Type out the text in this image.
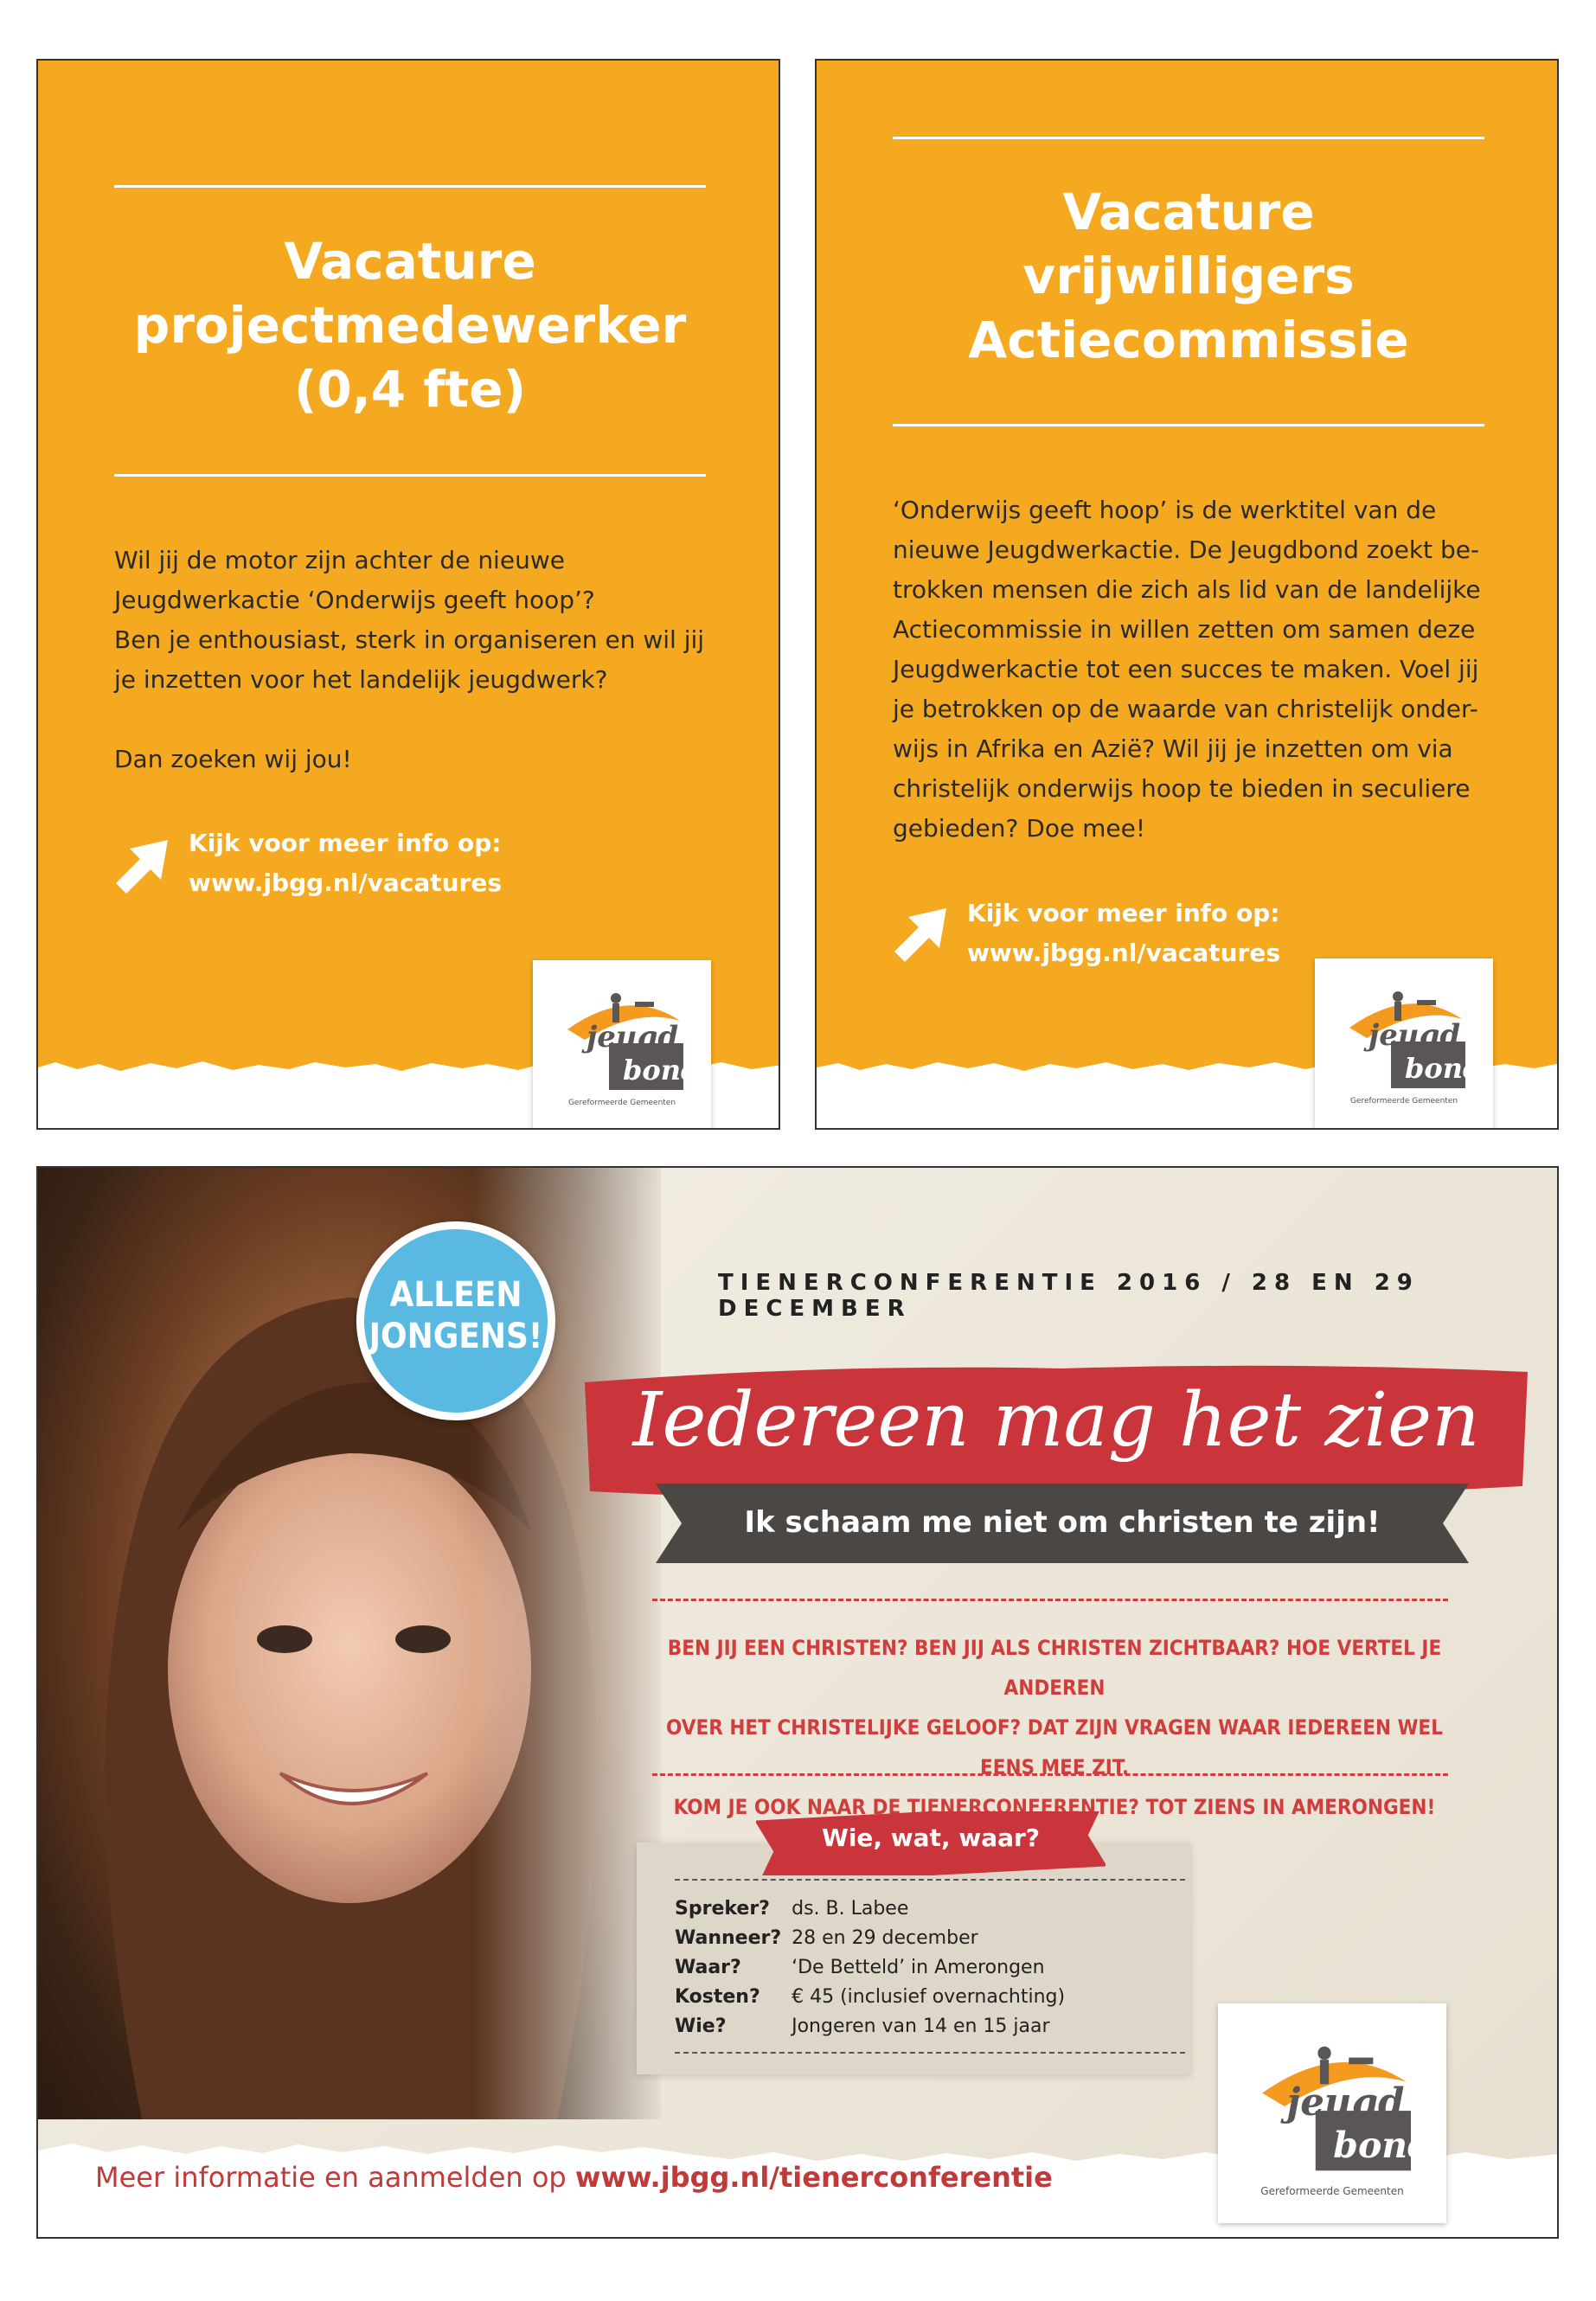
Vacature
projectmedewerker
(0,4 fte)
Wil jij de motor zijn achter de nieuwe
Jeugdwerkactie ‘Onderwijs geeft hoop’?
Ben je enthousiast, sterk in organiseren en wil jij
je inzetten voor het landelijk jeugdwerk?

Dan zoeken wij jou!
Kijk voor meer info op:
www.jbgg.nl/vacatures
jeugd
bond
Gereformeerde Gemeenten
Vacature
vrijwilligers
Actiecommissie
‘Onderwijs geeft hoop’ is de werktitel van de
nieuwe Jeugdwerkactie. De Jeugdbond zoekt be-
trokken mensen die zich als lid van de landelijke
Actiecommissie in willen zetten om samen deze
Jeugdwerkactie tot een succes te maken. Voel jij
je betrokken op de waarde van christelijk onder-
wijs in Afrika en Azië? Wil jij je inzetten om via
christelijk onderwijs hoop te bieden in seculiere
gebieden? Doe mee!
Kijk voor meer info op:
www.jbgg.nl/vacatures
jeugd
bond
Gereformeerde Gemeenten
ALLEEN
JONGENS!
TIENERCONFERENTIE 2016 / 28 EN 29 DECEMBER
Iedereen mag het zien
Ik schaam me niet om christen te zijn!
BEN JIJ EEN CHRISTEN? BEN JIJ ALS CHRISTEN ZICHTBAAR? HOE VERTEL JE ANDEREN
OVER HET CHRISTELIJKE GELOOF? DAT ZIJN VRAGEN WAAR IEDEREEN WEL EENS MEE ZIT.
KOM JE OOK NAAR DE TIENERCONFERENTIE? TOT ZIENS IN AMERONGEN!
Wie, wat, waar?
Spreker?	ds. B. Labee
Wanneer?	28 en 29 december
Waar?	‘De Betteld’ in Amerongen
Kosten?	€ 45 (inclusief overnachting)
Wie?	Jongeren van 14 en 15 jaar
Meer informatie en aanmelden op www.jbgg.nl/tienerconferentie
jeugd
bond
Gereformeerde Gemeenten
